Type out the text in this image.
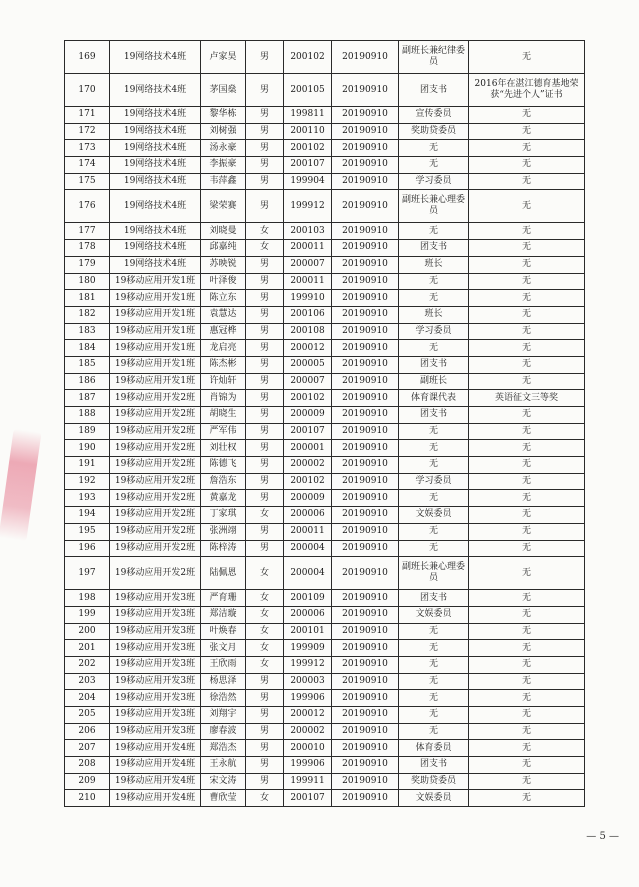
169	19网络技术4班	卢家昊	男	200102	20190910	副班长兼纪律委员	无
170	19网络技术4班	茅国燊	男	200105	20190910	团支书	2016年在湛江德育基地荣获“先进个人”证书
171	19网络技术4班	黎华栋	男	199811	20190910	宣传委员	无
172	19网络技术4班	刘树强	男	200110	20190910	奖助贷委员	无
173	19网络技术4班	汤永豪	男	200102	20190910	无	无
174	19网络技术4班	李振豪	男	200107	20190910	无	无
175	19网络技术4班	韦萍鑫	男	199904	20190910	学习委员	无
176	19网络技术4班	梁荣赛	男	199912	20190910	副班长兼心理委员	无
177	19网络技术4班	刘晓曼	女	200103	20190910	无	无
178	19网络技术4班	邱嘉纯	女	200011	20190910	团支书	无
179	19网络技术4班	苏映锐	男	200007	20190910	班长	无
180	19移动应用开发1班	叶泽俊	男	200011	20190910	无	无
181	19移动应用开发1班	陈立东	男	199910	20190910	无	无
182	19移动应用开发1班	袁慧达	男	200106	20190910	班长	无
183	19移动应用开发1班	惠冠桦	男	200108	20190910	学习委员	无
184	19移动应用开发1班	龙启亮	男	200012	20190910	无	无
185	19移动应用开发1班	陈杰彬	男	200005	20190910	团支书	无
186	19移动应用开发1班	许灿轩	男	200007	20190910	副班长	无
187	19移动应用开发2班	肖锦为	男	200102	20190910	体育课代表	英语征文三等奖
188	19移动应用开发2班	胡晓生	男	200009	20190910	团支书	无
189	19移动应用开发2班	严军伟	男	200107	20190910	无	无
190	19移动应用开发2班	刘壮权	男	200001	20190910	无	无
191	19移动应用开发2班	陈德飞	男	200002	20190910	无	无
192	19移动应用开发2班	詹浩东	男	200102	20190910	学习委员	无
193	19移动应用开发2班	黄嘉龙	男	200009	20190910	无	无
194	19移动应用开发2班	丁家琪	女	200006	20190910	文娱委员	无
195	19移动应用开发2班	张洲翊	男	200011	20190910	无	无
196	19移动应用开发2班	陈梓涛	男	200004	20190910	无	无
197	19移动应用开发2班	陆佩恩	女	200004	20190910	副班长兼心理委员	无
198	19移动应用开发3班	严育珊	女	200109	20190910	团支书	无
199	19移动应用开发3班	郑洁璇	女	200006	20190910	文娱委员	无
200	19移动应用开发3班	叶焕春	女	200101	20190910	无	无
201	19移动应用开发3班	张文月	女	199909	20190910	无	无
202	19移动应用开发3班	王欣雨	女	199912	20190910	无	无
203	19移动应用开发3班	杨思泽	男	200003	20190910	无	无
204	19移动应用开发3班	徐浩然	男	199906	20190910	无	无
205	19移动应用开发3班	刘翔宇	男	200012	20190910	无	无
206	19移动应用开发3班	廖春波	男	200002	20190910	无	无
207	19移动应用开发4班	郑浩杰	男	200010	20190910	体育委员	无
208	19移动应用开发4班	王永航	男	199906	20190910	团支书	无
209	19移动应用开发4班	宋文涛	男	199911	20190910	奖助贷委员	无
210	19移动应用开发4班	曹欣莹	女	200107	20190910	文娱委员	无
— 5 —
